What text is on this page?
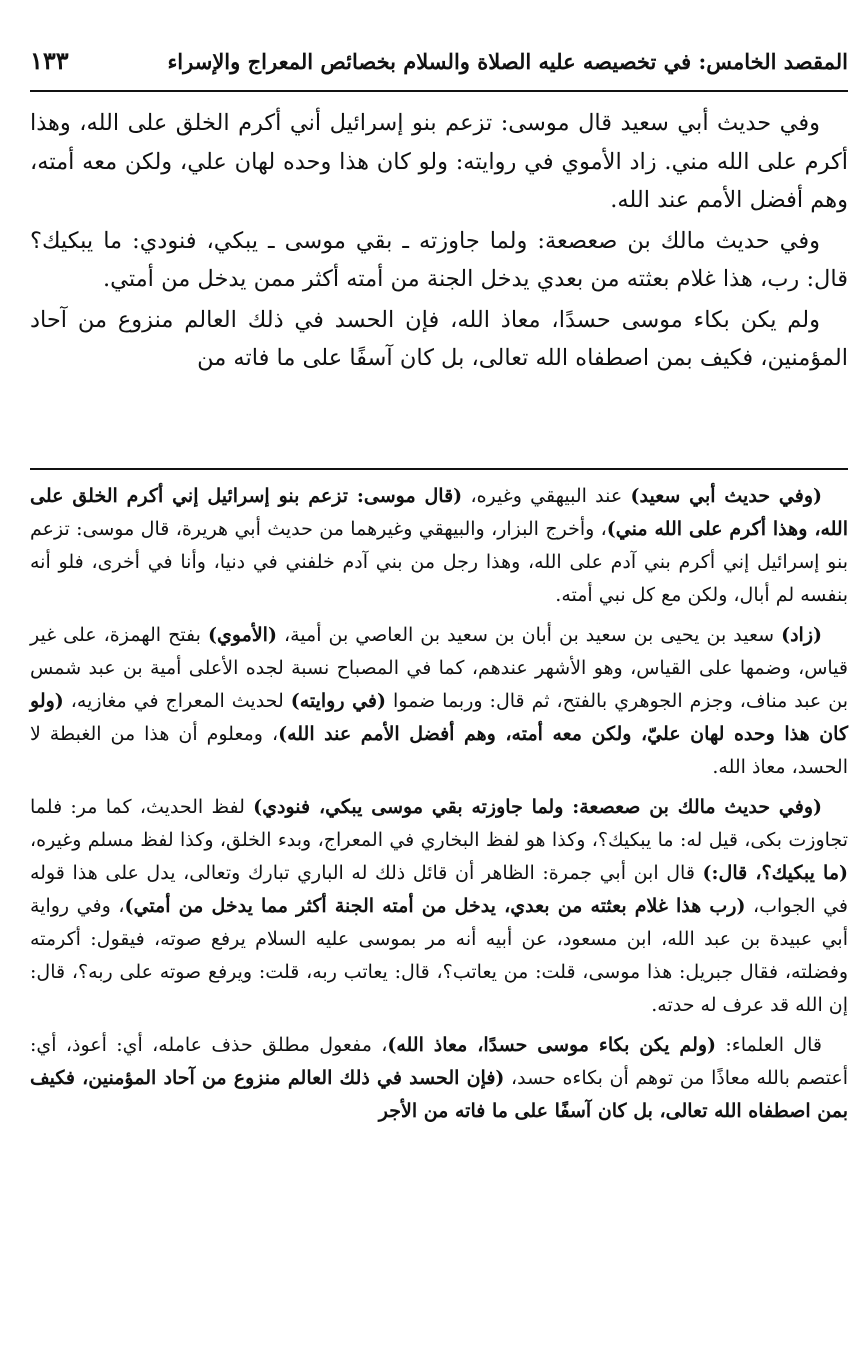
المقصد الخامس: في تخصيصه عليه الصلاة والسلام بخصائص المعراج والإسراء
١٣٣

وفي حديث أبي سعيد قال موسى: تزعم بنو إسرائيل أني أكرم الخلق على الله، وهذا أكرم على الله مني. زاد الأموي في روايته: ولو كان هذا وحده لهان علي، ولكن معه أمته، وهم أفضل الأمم عند الله.

وفي حديث مالك بن صعصعة: ولما جاوزته ـ بقي موسى ـ يبكي، فنودي: ما يبكيك؟ قال: رب، هذا غلام بعثته من بعدي يدخل الجنة من أمته أكثر ممن يدخل من أمتي.

ولم يكن بكاء موسى حسدًا، معاذ الله، فإن الحسد في ذلك العالم منزوع من آحاد المؤمنين، فكيف بمن اصطفاه الله تعالى، بل كان آسفًا على ما فاته من

(وفي حديث أبي سعيد) عند البيهقي وغيره، (قال موسى: تزعم بنو إسرائيل إني أكرم الخلق على الله، وهذا أكرم على الله مني)، وأخرج البزار، والبيهقي وغيرهما من حديث أبي هريرة، قال موسى: تزعم بنو إسرائيل إني أكرم بني آدم على الله، وهذا رجل من بني آدم خلفني في دنيا، وأنا في أخرى، فلو أنه بنفسه لم أبال، ولكن مع كل نبي أمته.

(زاد) سعيد بن يحيى بن سعيد بن أبان بن سعيد بن العاصي بن أمية، (الأموي) بفتح الهمزة، على غير قياس، وضمها على القياس، وهو الأشهر عندهم، كما في المصباح نسبة لجده الأعلى أمية بن عبد شمس بن عبد مناف، وجزم الجوهري بالفتح، ثم قال: وربما ضموا (في روايته) لحديث المعراج في مغازيه، (ولو كان هذا وحده لهان عليّ، ولكن معه أمته، وهم أفضل الأمم عند الله)، ومعلوم أن هذا من الغبطة لا الحسد، معاذ الله.

(وفي حديث مالك بن صعصعة: ولما جاوزته بقي موسى يبكي، فنودي) لفظ الحديث، كما مر: فلما تجاوزت بكى، قيل له: ما يبكيك؟، وكذا هو لفظ البخاري في المعراج، وبدء الخلق، وكذا لفظ مسلم وغيره، (ما يبكيك؟، قال:) قال ابن أبي جمرة: الظاهر أن قائل ذلك له الباري تبارك وتعالى، يدل على هذا قوله في الجواب، (رب هذا غلام بعثته من بعدي، يدخل من أمته الجنة أكثر مما يدخل من أمتي)، وفي رواية أبي عبيدة بن عبد الله، ابن مسعود، عن أبيه أنه مر بموسى عليه السلام يرفع صوته، فيقول: أكرمته وفضلته، فقال جبريل: هذا موسى، قلت: من يعاتب؟، قال: يعاتب ربه، قلت: ويرفع صوته على ربه؟، قال: إن الله قد عرف له حدته.

قال العلماء: (ولم يكن بكاء موسى حسدًا، معاذ الله)، مفعول مطلق حذف عامله، أي: أعوذ، أي: أعتصم بالله معاذًا من توهم أن بكاءه حسد، (فإن الحسد في ذلك العالم منزوع من آحاد المؤمنين، فكيف بمن اصطفاه الله تعالى، بل كان آسفًا على ما فاته من الأجر
